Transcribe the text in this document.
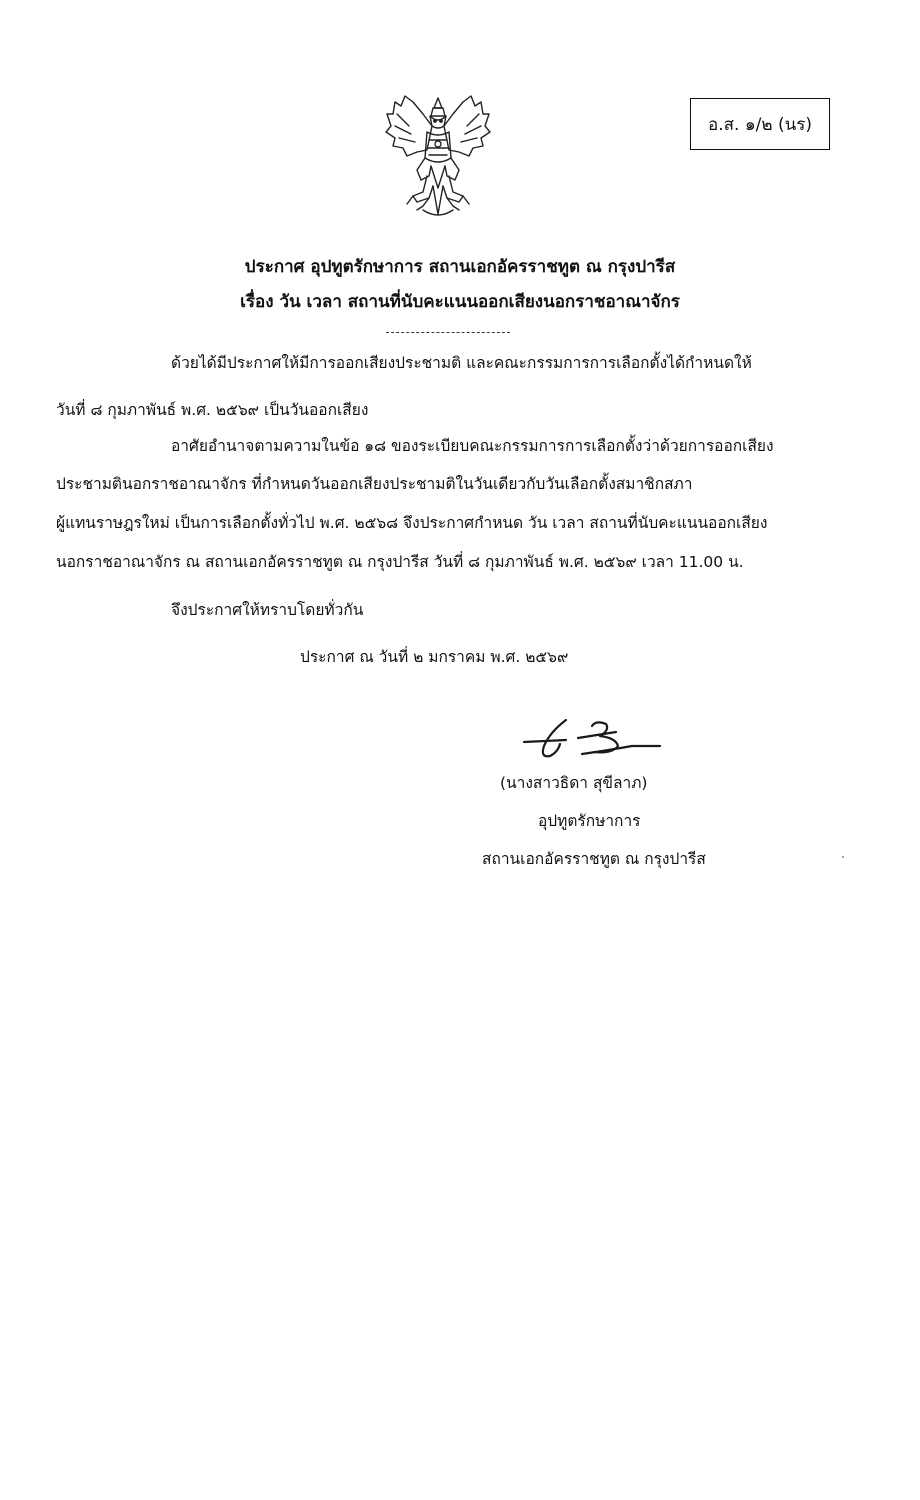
อ.ส. ๑/๒ (นร)
ประกาศ อุปทูตรักษาการ สถานเอกอัครราชทูต ณ กรุงปารีส
เรื่อง วัน เวลา สถานที่นับคะแนนออกเสียงนอกราชอาณาจักร
ด้วยได้มีประกาศให้มีการออกเสียงประชามติ และคณะกรรมการการเลือกตั้งได้กำหนดให้
วันที่ ๘ กุมภาพันธ์ พ.ศ. ๒๕๖๙ เป็นวันออกเสียง
อาศัยอำนาจตามความในข้อ ๑๘ ของระเบียบคณะกรรมการการเลือกตั้งว่าด้วยการออกเสียง
ประชามตินอกราชอาณาจักร ที่กำหนดวันออกเสียงประชามติในวันเดียวกับวันเลือกตั้งสมาชิกสภา
ผู้แทนราษฎรใหม่ เป็นการเลือกตั้งทั่วไป พ.ศ. ๒๕๖๘ จึงประกาศกำหนด วัน เวลา สถานที่นับคะแนนออกเสียง
นอกราชอาณาจักร ณ สถานเอกอัครราชทูต ณ กรุงปารีส วันที่ ๘ กุมภาพันธ์ พ.ศ. ๒๕๖๙ เวลา 11.00 น.
จึงประกาศให้ทราบโดยทั่วกัน
ประกาศ ณ วันที่ ๒ มกราคม พ.ศ. ๒๕๖๙
(นางสาวธิดา สุขีลาภ)
อุปทูตรักษาการ
สถานเอกอัครราชทูต ณ กรุงปารีส
